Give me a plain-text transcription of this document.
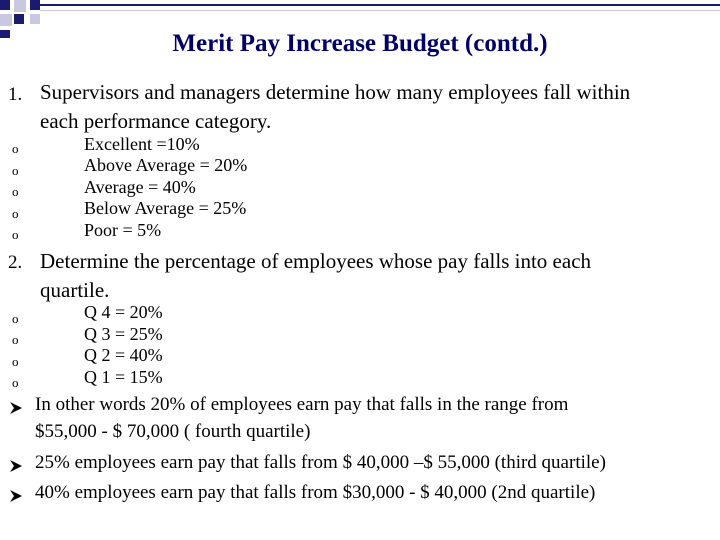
Merit Pay Increase Budget (contd.)
1. Supervisors and managers determine how many employees fall within
each performance category.
o	Excellent =10%
o	Above Average = 20%
o	Average = 40%
o	Below Average = 25%
o	Poor = 5%
2. Determine the percentage of employees whose pay falls into each
quartile.
o	Q 4 = 20%
o	Q 3 = 25%
o	Q 2 = 40%
o	Q 1 = 15%
In other words 20% of employees earn pay that falls in the range from
$55,000 - $ 70,000 ( fourth quartile)
25% employees earn pay that falls from $ 40,000 –$ 55,000 (third quartile)
40% employees earn pay that falls from $30,000 - $ 40,000 (2nd quartile)
